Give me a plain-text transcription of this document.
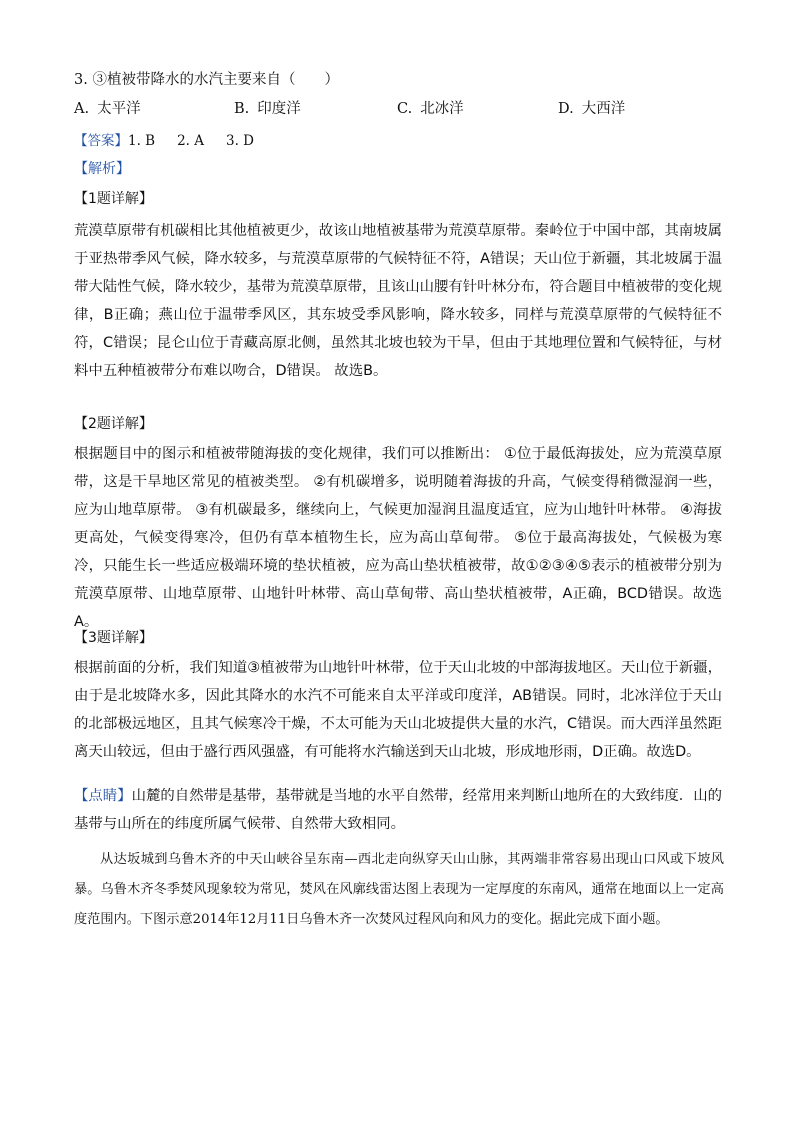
3. ③植被带降水的水汽主要来自（　　）
A. 太平洋	B. 印度洋	C. 北冰洋	D. 大西洋
【答案】1. B 2. A 3. D
【解析】
【1题详解】

荒漠草原带有机碳相比其他植被更少，故该山地植被基带为荒漠草原带。秦岭位于中国中部，其南坡属于亚热带季风气候，降水较多，与荒漠草原带的气候特征不符，A错误；天山位于新疆，其北坡属于温带大陆性气候，降水较少，基带为荒漠草原带，且该山山腰有针叶林分布，符合题目中植被带的变化规律，B正确；燕山位于温带季风区，其东坡受季风影响，降水较多，同样与荒漠草原带的气候特征不符，C错误；昆仑山位于青藏高原北侧，虽然其北坡也较为干旱，但由于其地理位置和气候特征，与材料中五种植被带分布难以吻合，D错误。 故选B。

【2题详解】

根据题目中的图示和植被带随海拔的变化规律，我们可以推断出： ①位于最低海拔处，应为荒漠草原带，这是干旱地区常见的植被类型。 ②有机碳增多，说明随着海拔的升高，气候变得稍微湿润一些，应为山地草原带。 ③有机碳最多，继续向上，气候更加湿润且温度适宜，应为山地针叶林带。 ④海拔更高处，气候变得寒冷，但仍有草本植物生长，应为高山草甸带。 ⑤位于最高海拔处，气候极为寒冷，只能生长一些适应极端环境的垫状植被，应为高山垫状植被带，故①②③④⑤表示的植被带分别为荒漠草原带、山地草原带、山地针叶林带、高山草甸带、高山垫状植被带，A正确，BCD错误。故选A。

【3题详解】

根据前面的分析，我们知道③植被带为山地针叶林带，位于天山北坡的中部海拔地区。天山位于新疆，由于是北坡降水多，因此其降水的水汽不可能来自太平洋或印度洋，AB错误。同时，北冰洋位于天山的北部极远地区，且其气候寒冷干燥，不太可能为天山北坡提供大量的水汽，C错误。而大西洋虽然距离天山较远，但由于盛行西风强盛，有可能将水汽输送到天山北坡，形成地形雨，D正确。故选D。

【点睛】山麓的自然带是基带，基带就是当地的水平自然带，经常用来判断山地所在的大致纬度．山的基带与山所在的纬度所属气候带、自然带大致相同。

从达坂城到乌鲁木齐的中天山峡谷呈东南—西北走向纵穿天山山脉，其两端非常容易出现山口风或下坡风暴。乌鲁木齐冬季焚风现象较为常见，焚风在风廓线雷达图上表现为一定厚度的东南风，通常在地面以上一定高度范围内。下图示意2014年12月11日乌鲁木齐一次焚风过程风向和风力的变化。据此完成下面小题。
